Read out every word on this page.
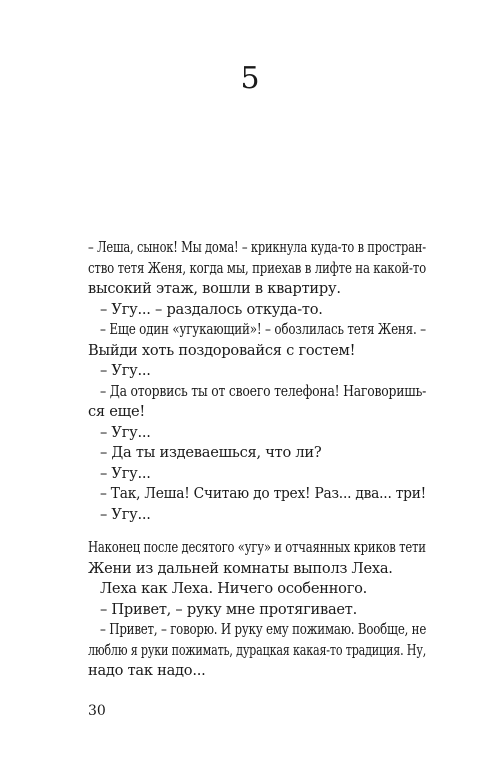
5
– Леша, сынок! Мы дома! – крикнула куда-то в простран-
ство тетя Женя, когда мы, приехав в лифте на какой-то
высокий этаж, вошли в квартиру.
– Угу... – раздалось откуда-то.
– Еще один «угукающий»! – обозлилась тетя Женя. –
Выйди хоть поздоровайся с гостем!
– Угу...
– Да оторвись ты от своего телефона! Наговоришь-
ся еще!
– Угу...
– Да ты издеваешься, что ли?
– Угу...
– Так, Леша! Считаю до трех! Раз... два... три!
– Угу...
Наконец после десятого «угу» и отчаянных криков тети
Жени из дальней комнаты выполз Леха.
Леха как Леха. Ничего особенного.
– Привет, – руку мне протягивает.
– Привет, – говорю. И руку ему пожимаю. Вообще, не
люблю я руки пожимать, дурацкая какая-то традиция. Ну,
надо так надо...
30
